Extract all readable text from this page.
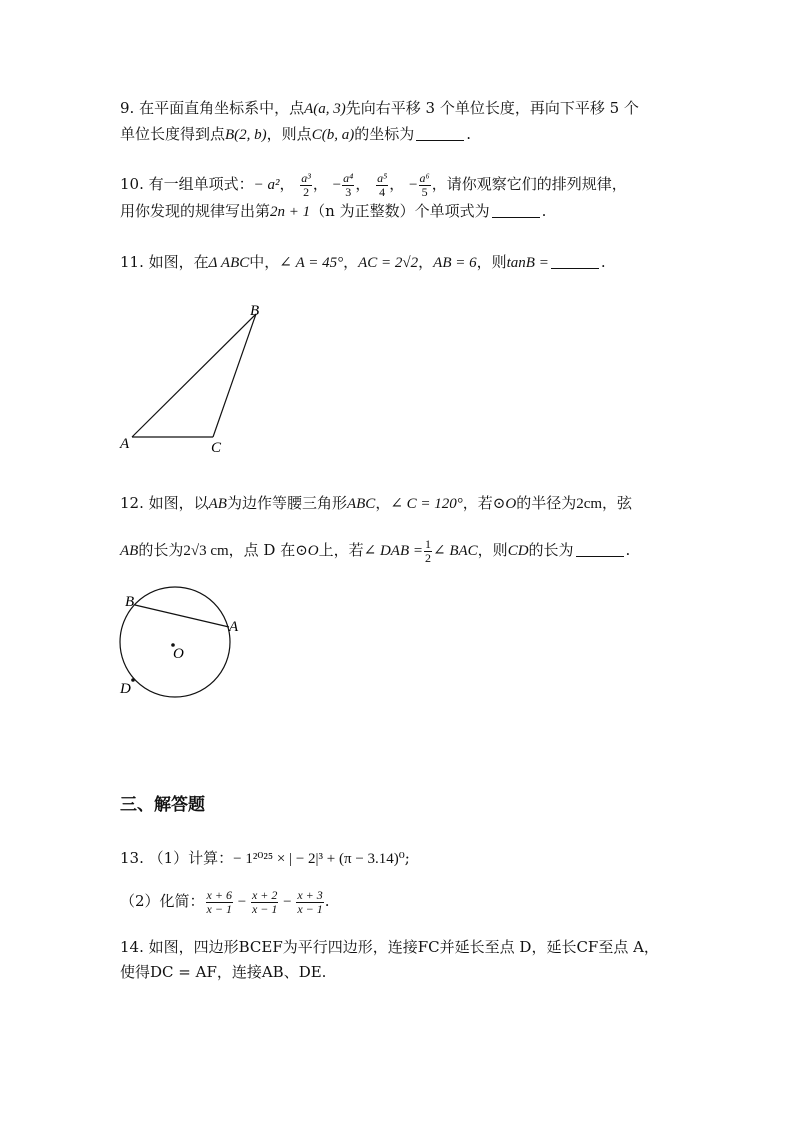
9. 在平面直角坐标系中，点A(a, 3)先向右平移 3 个单位长度，再向下平移 5 个
单位长度得到点B(2, b)，则点C(b, a)的坐标为	.
10. 有一组单项式：− a²， $\frac{\text{a³}}{2}$ ， − $\frac{\text{a⁴}}{3}$ ， $\frac{\text{a⁵}}{4}$ ， − $\frac{\text{a⁶}}{5}$ ，请你观察它们的排列规律，
用你发现的规律写出第2n + 1（n 为正整数）个单项式为	.
11. 如图，在Δ ABC中，∠ A = 45°，AC = 2√2，AB = 6，则tanB =	.
B
A	C
12. 如图，以AB为边作等腰三角形ABC，∠ C = 120°，若⊙O的半径为2cm，弦
AB的长为2√3 cm，点 D 在⊙O上，若∠ DAB = $\frac{1}{2}$ ∠ BAC，则CD的长为	.
B
A
O
D
三、解答题
13. （1）计算：− 1²⁰²⁵ × | − 2|³ + (π − 3.14)⁰;
（2）化简： $\frac{x + 6}{x - 1} - \frac{x + 2}{x - 1} - \frac{x + 3}{x - 1}$ .
14. 如图，四边形BCEF为平行四边形，连接FC并延长至点 D，延长CF至点 A，
使得DC = AF，连接AB、DE.
